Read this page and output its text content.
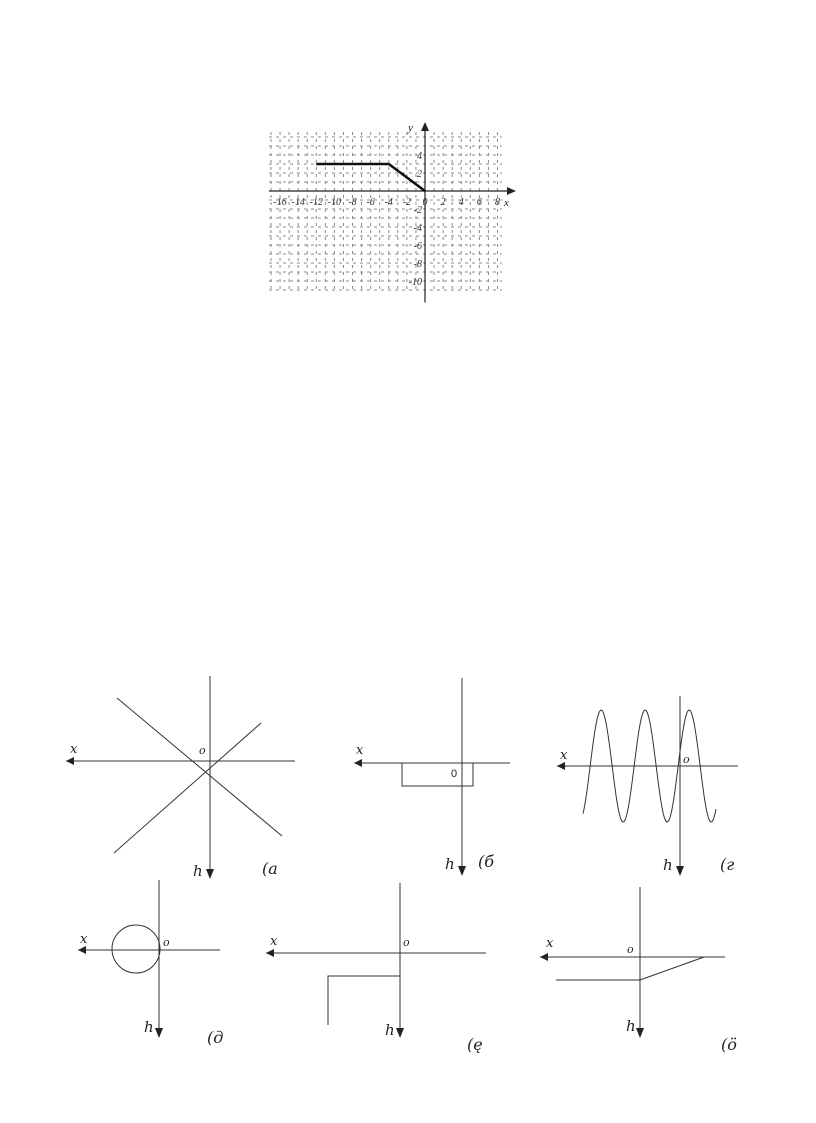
-16 -14 -12 -10 -8 -6 -4 -2 0 2 4 6 8
4
2
-2
-4
-6
-8
-10
x
y
x	o
h	(а
x
0
h (б
x	o
h	(г
x	o
h
(д
x	o
h
(ę
x	o
h
(ӧ
